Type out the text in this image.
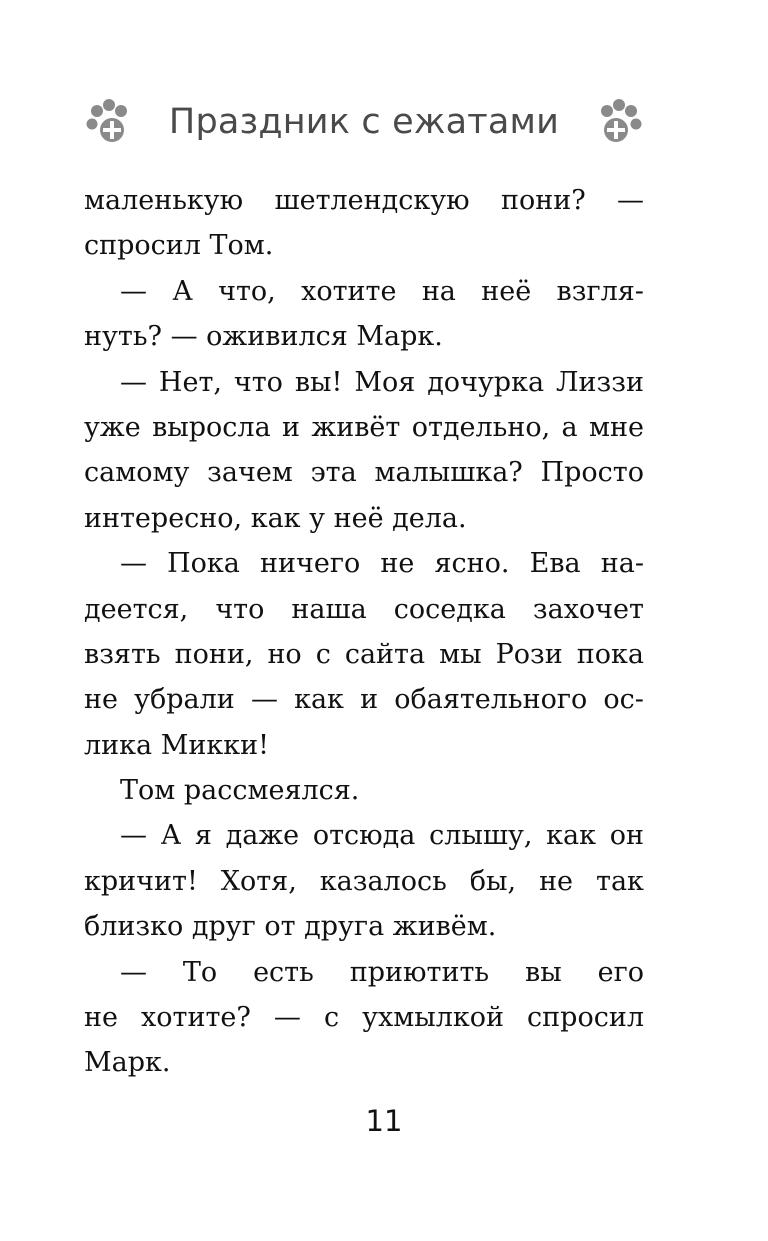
Праздник с ежатами
маленькую шетлендскую пони? —
спросил Том.
— А что, хотите на неё взгля-
нуть? — оживился Марк.
— Нет, что вы! Моя дочурка Лиззи
уже выросла и живёт отдельно, а мне
самому зачем эта малышка? Просто
интересно, как у неё дела.
— Пока ничего не ясно. Ева на-
деется, что наша соседка захочет
взять пони, но с сайта мы Рози пока
не убрали — как и обаятельного ос-
лика Микки!
Том рассмеялся.
— А я даже отсюда слышу, как он
кричит! Хотя, казалось бы, не так
близко друг от друга живём.
— То есть приютить вы его
не хотите? — с ухмылкой спросил
Марк.
11
